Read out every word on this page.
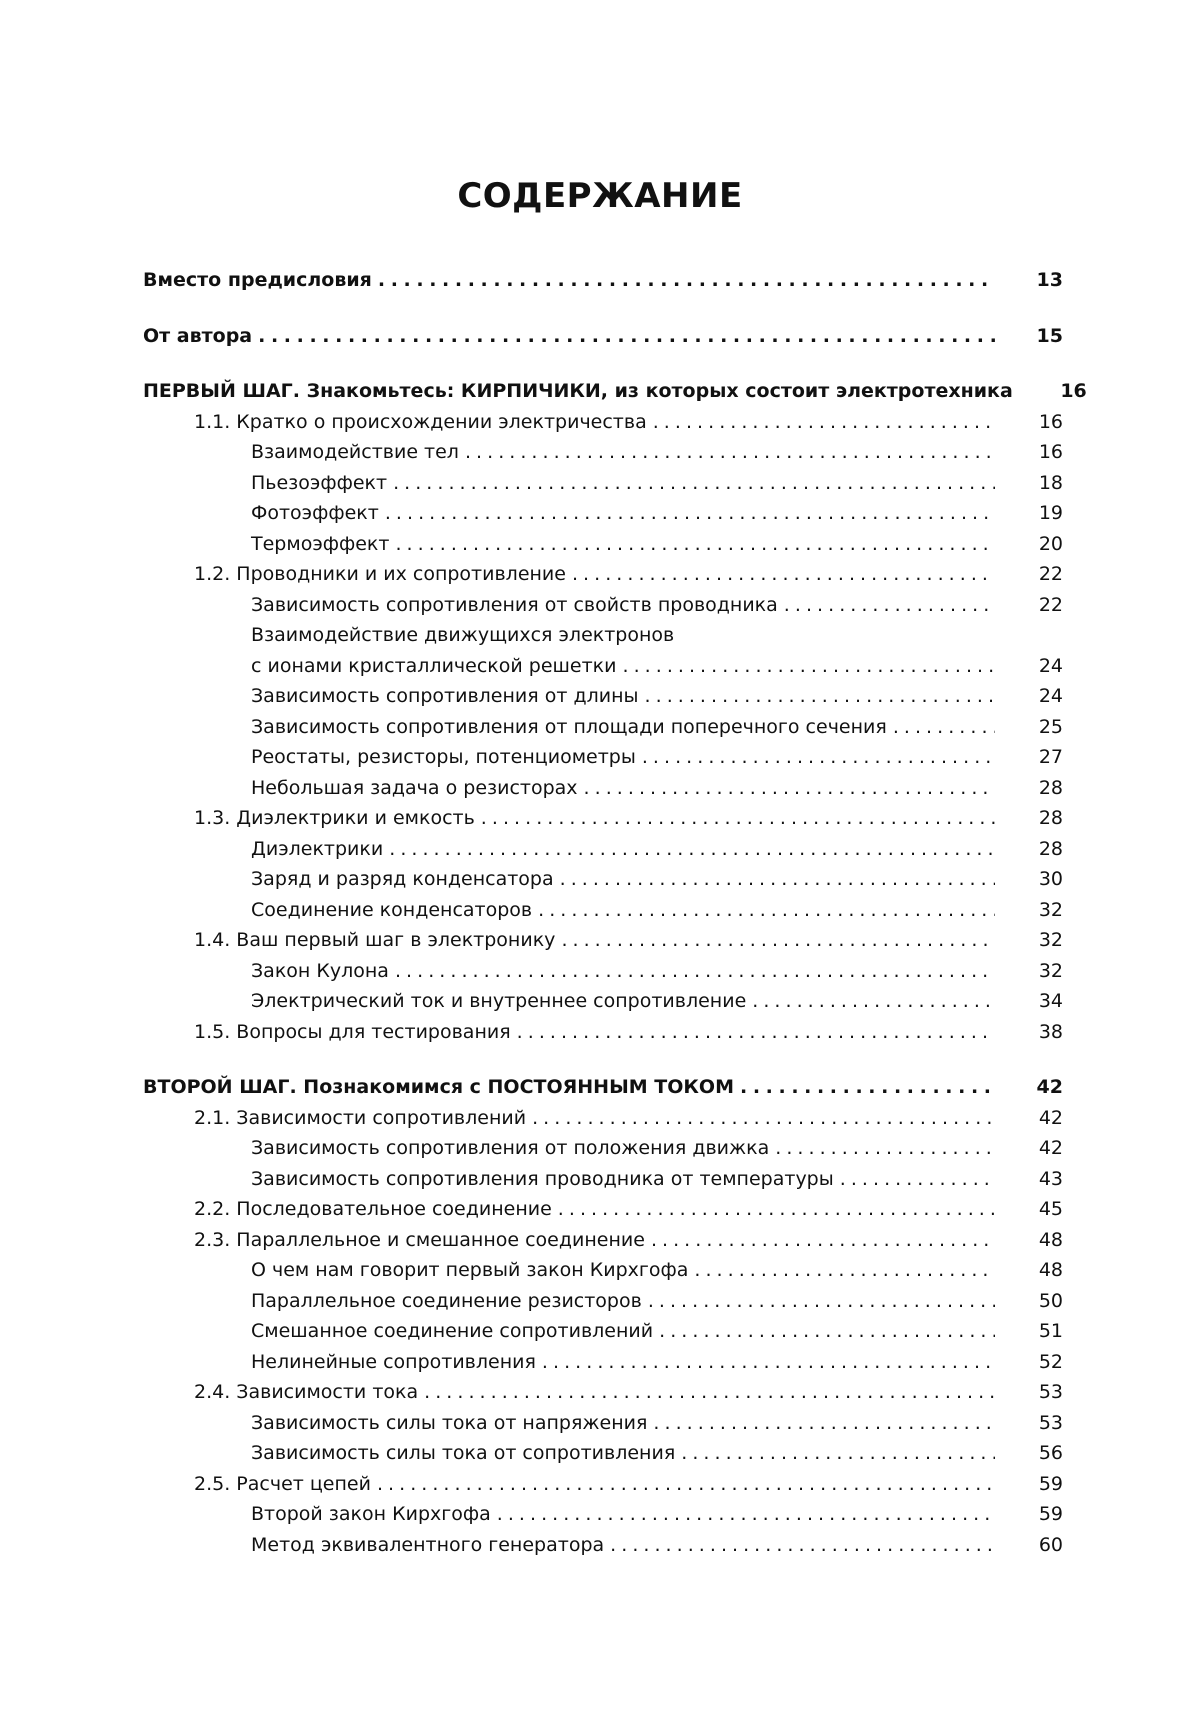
СОДЕРЖАНИЕ
Вместо предисловия . . .	13
От автора . . .	15
ПЕРВЫЙ ШАГ. Знакомьтесь: КИРПИЧИКИ, из которых состоит электротехника	16
1.1. Кратко о происхождении электричества . . .	16
Взаимодействие тел . . .	16
Пьезоэффект . . .	18
Фотоэффект . . .	19
Термоэффект . . .	20
1.2. Проводники и их сопротивление . . .	22
Зависимость сопротивления от свойств проводника . . .	22
Взаимодействие движущихся электронов
с ионами кристаллической решетки . . .	24
Зависимость сопротивления от длины . . .	24
Зависимость сопротивления от площади поперечного сечения . . .	25
Реостаты, резисторы, потенциометры . . .	27
Небольшая задача о резисторах . . .	28
1.3. Диэлектрики и емкость . . .	28
Диэлектрики . . .	28
Заряд и разряд конденсатора . . .	30
Соединение конденсаторов . . .	32
1.4. Ваш первый шаг в электронику . . .	32
Закон Кулона . . .	32
Электрический ток и внутреннее сопротивление . . .	34
1.5. Вопросы для тестирования . . .	38
ВТОРОЙ ШАГ. Познакомимся с ПОСТОЯННЫМ ТОКОМ . . .	42
2.1. Зависимости сопротивлений . . .	42
Зависимость сопротивления от положения движка . . .	42
Зависимость сопротивления проводника от температуры . . .	43
2.2. Последовательное соединение . . .	45
2.3. Параллельное и смешанное соединение . . .	48
О чем нам говорит первый закон Кирхгофа . . .	48
Параллельное соединение резисторов . . .	50
Смешанное соединение сопротивлений . . .	51
Нелинейные сопротивления . . .	52
2.4. Зависимости тока . . .	53
Зависимость силы тока от напряжения . . .	53
Зависимость силы тока от сопротивления . . .	56
2.5. Расчет цепей . . .	59
Второй закон Кирхгофа . . .	59
Метод эквивалентного генератора . . .	60
